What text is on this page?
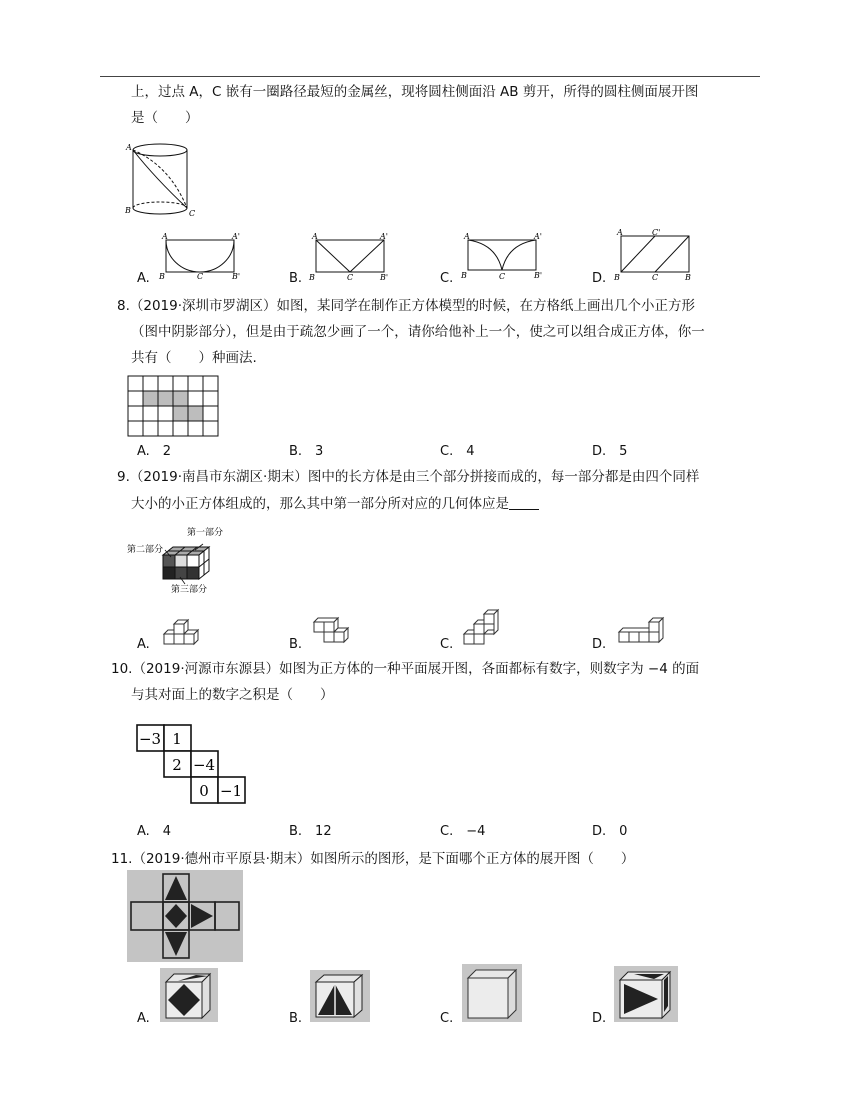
上，过点 A，C 嵌有一圈路径最短的金属丝，现将圆柱侧面沿 AB 剪开，所得的圆柱侧面展开图
是（　　）
A
B	C
A.
A	A'
B	C	B'	B.
A	A'
B	C	B'	C.
A	A'
B	C	B'	D.
A	C'
B	C	B
8.（2019·深圳市罗湖区）如图，某同学在制作正方体模型的时候，在方格纸上画出几个小正方形
（图中阴影部分），但是由于疏忽少画了一个，请你给他补上一个，使之可以组合成正方体，你一
共有（　　）种画法.
A.　2	B.　3	C.　4	D.　5
9.（2019·南昌市东湖区·期末）图中的长方体是由三个部分拼接而成的，每一部分都是由四个同样
大小的小正方体组成的，那么其中第一部分所对应的几何体应是
第一部分
第二部分
第三部分
A.	B.	C.	D.
10.（2019·河源市东源县）如图为正方体的一种平面展开图，各面都标有数字，则数字为 −4 的面
与其对面上的数字之积是（　　）
−3 1
2 −4
0 −1
A.　4	B.　12	C.　−4	D.　0
11.（2019·德州市平原县·期末）如图所示的图形，是下面哪个正方体的展开图（　　）
A.	B.	C.	D.
